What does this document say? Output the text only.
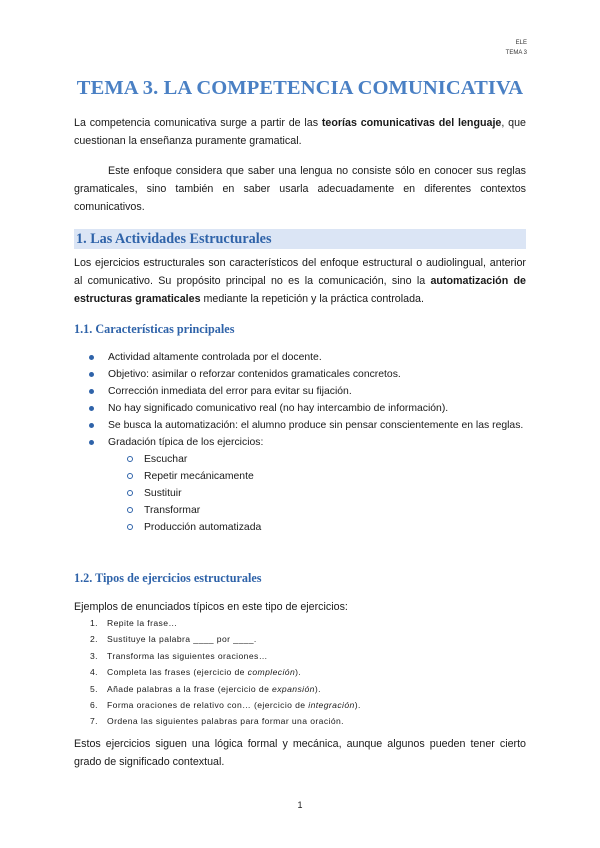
ELE
TEMA 3
TEMA 3. LA COMPETENCIA COMUNICATIVA

La competencia comunicativa surge a partir de las teorías comunicativas del lenguaje, que cuestionan la enseñanza puramente gramatical.

Este enfoque considera que saber una lengua no consiste sólo en conocer sus reglas gramaticales, sino también en saber usarla adecuadamente en diferentes contextos comunicativos.

1. Las Actividades Estructurales

Los ejercicios estructurales son característicos del enfoque estructural o audiolingual, anterior al comunicativo. Su propósito principal no es la comunicación, sino la automatización de estructuras gramaticales mediante la repetición y la práctica controlada.

1.1. Características principales
Actividad altamente controlada por el docente.
Objetivo: asimilar o reforzar contenidos gramaticales concretos.
Corrección inmediata del error para evitar su fijación.
No hay significado comunicativo real (no hay intercambio de información).
Se busca la automatización: el alumno produce sin pensar conscientemente en las reglas.
Gradación típica de los ejercicios:
Escuchar
Repetir mecánicamente
Sustituir
Transformar
Producción automatizada
1.2. Tipos de ejercicios estructurales

Ejemplos de enunciados típicos en este tipo de ejercicios:

1. Repite la frase…
2. Sustituye la palabra ____ por ____.
3. Transforma las siguientes oraciones…
4. Completa las frases (ejercicio de compleción).
5. Añade palabras a la frase (ejercicio de expansión).
6. Forma oraciones de relativo con… (ejercicio de integración).
7. Ordena las siguientes palabras para formar una oración.

Estos ejercicios siguen una lógica formal y mecánica, aunque algunos pueden tener cierto grado de significado contextual.

1
